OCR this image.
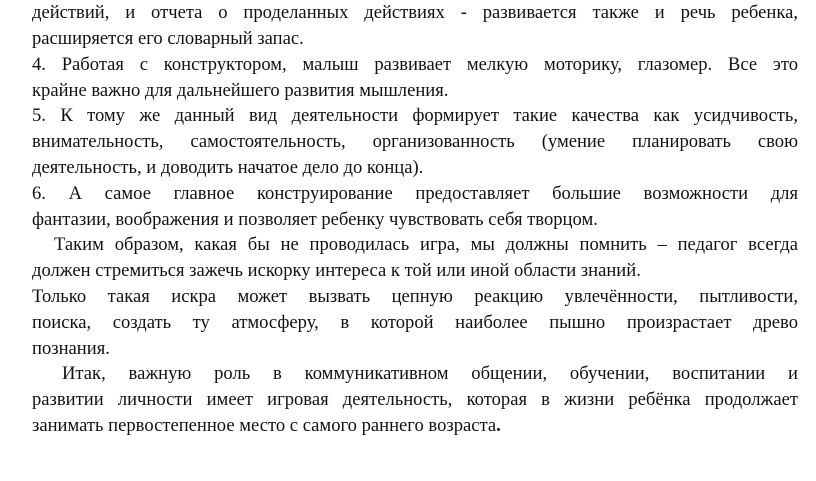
действий, и отчета о проделанных действиях - развивается также и речь ребенка,
расширяется его словарный запас.
4. Работая с конструктором, малыш развивает мелкую моторику, глазомер. Все это
крайне важно для дальнейшего развития мышления.
5. К тому же данный вид деятельности формирует такие качества как усидчивость,
внимательность, самостоятельность, организованность (умение планировать свою
деятельность, и доводить начатое дело до конца).
6. А самое главное конструирование предоставляет большие возможности для
фантазии, воображения и позволяет ребенку чувствовать себя творцом.
Таким образом, какая бы не проводилась игра, мы должны помнить – педагог всегда
должен стремиться зажечь искорку интереса к той или иной области знаний.
Только такая искра может вызвать цепную реакцию увлечённости, пытливости,
поиска, создать ту атмосферу, в которой наиболее пышно произрастает древо
познания.
Итак, важную роль в коммуникативном общении, обучении, воспитании и
развитии личности имеет игровая деятельность, которая в жизни ребёнка продолжает
занимать первостепенное место с самого раннего возраста.
